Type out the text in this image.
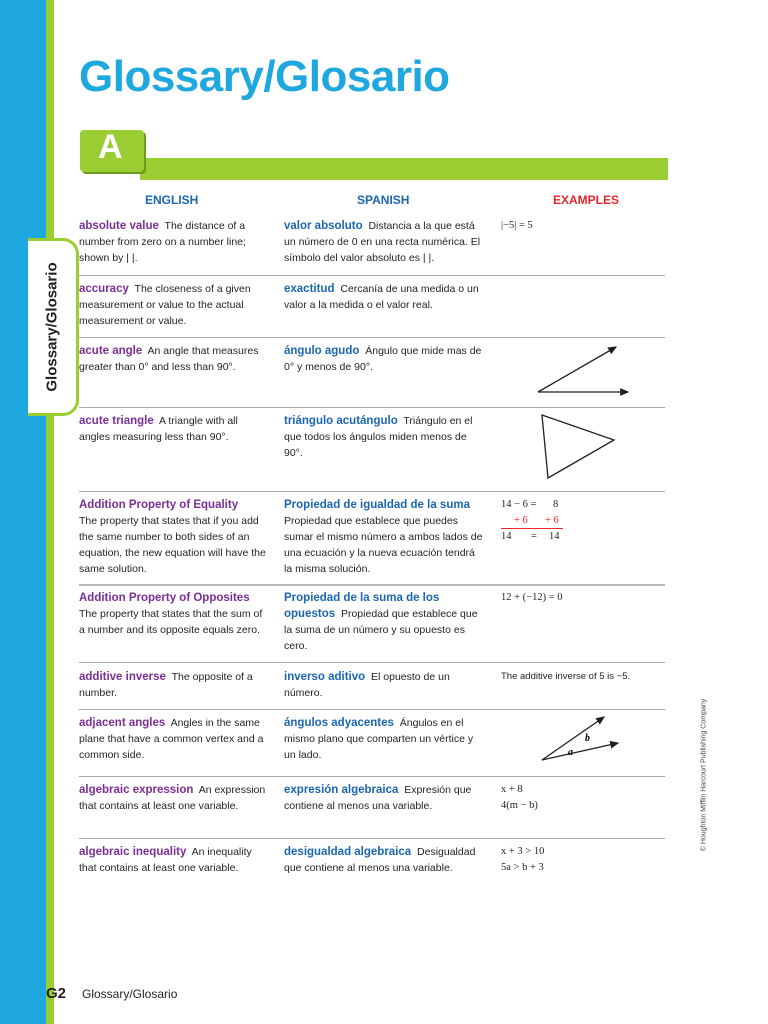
Glossary/Glosario
Glossary/Glosario
A
ENGLISH	SPANISH	EXAMPLES
absolute value The distance of a number from zero on a number line; shown by | |.
valor absoluto Distancia a la que está un número de 0 en una recta numérica. El símbolo del valor absoluto es | |.
|−5| = 5
accuracy The closeness of a given measurement or value to the actual measurement or value.
exactitud Cercanía de una medida o un valor a la medida o el valor real.
acute angle An angle that measures greater than 0° and less than 90°.
ángulo agudo Ángulo que mide mas de 0° y menos de 90°.
acute triangle A triangle with all angles measuring less than 90°.
triángulo acutángulo Triángulo en el que todos los ángulos miden menos de 90°.
Addition Property of Equality
The property that states that if you add the same number to both sides of an equation, the new equation will have the same solution.
Propiedad de igualdad de la suma  Propiedad que establece que puedes sumar el mismo número a ambos lados de una ecuación y la nueva ecuación tendrá la misma solución.
14 − 6 = 8
+ 6 + 6
14 = 14
Addition Property of Opposites
The property that states that the sum of a number and its opposite equals zero.
Propiedad de la suma de los opuestos Propiedad que establece que la suma de un número y su opuesto es cero.
12 + (−12) = 0
additive inverse The opposite of a number.
inverso aditivo El opuesto de un número.
The additive inverse of 5 is −5.
adjacent angles Angles in the same plane that have a common vertex and a common side.
ángulos adyacentes Ángulos en el mismo plano que comparten un vértice y un lado.
b
a
algebraic expression An expression that contains at least one variable.
expresión algebraica Expresión que contiene al menos una variable.
x + 8
4(m − b)
algebraic inequality An inequality that contains at least one variable.
desigualdad algebraica Desigualdad que contiene al menos una variable.
x + 3 > 10
5a > b + 3
© Houghton Mifflin Harcourt Publishing Company
G2 Glossary/Glosario
